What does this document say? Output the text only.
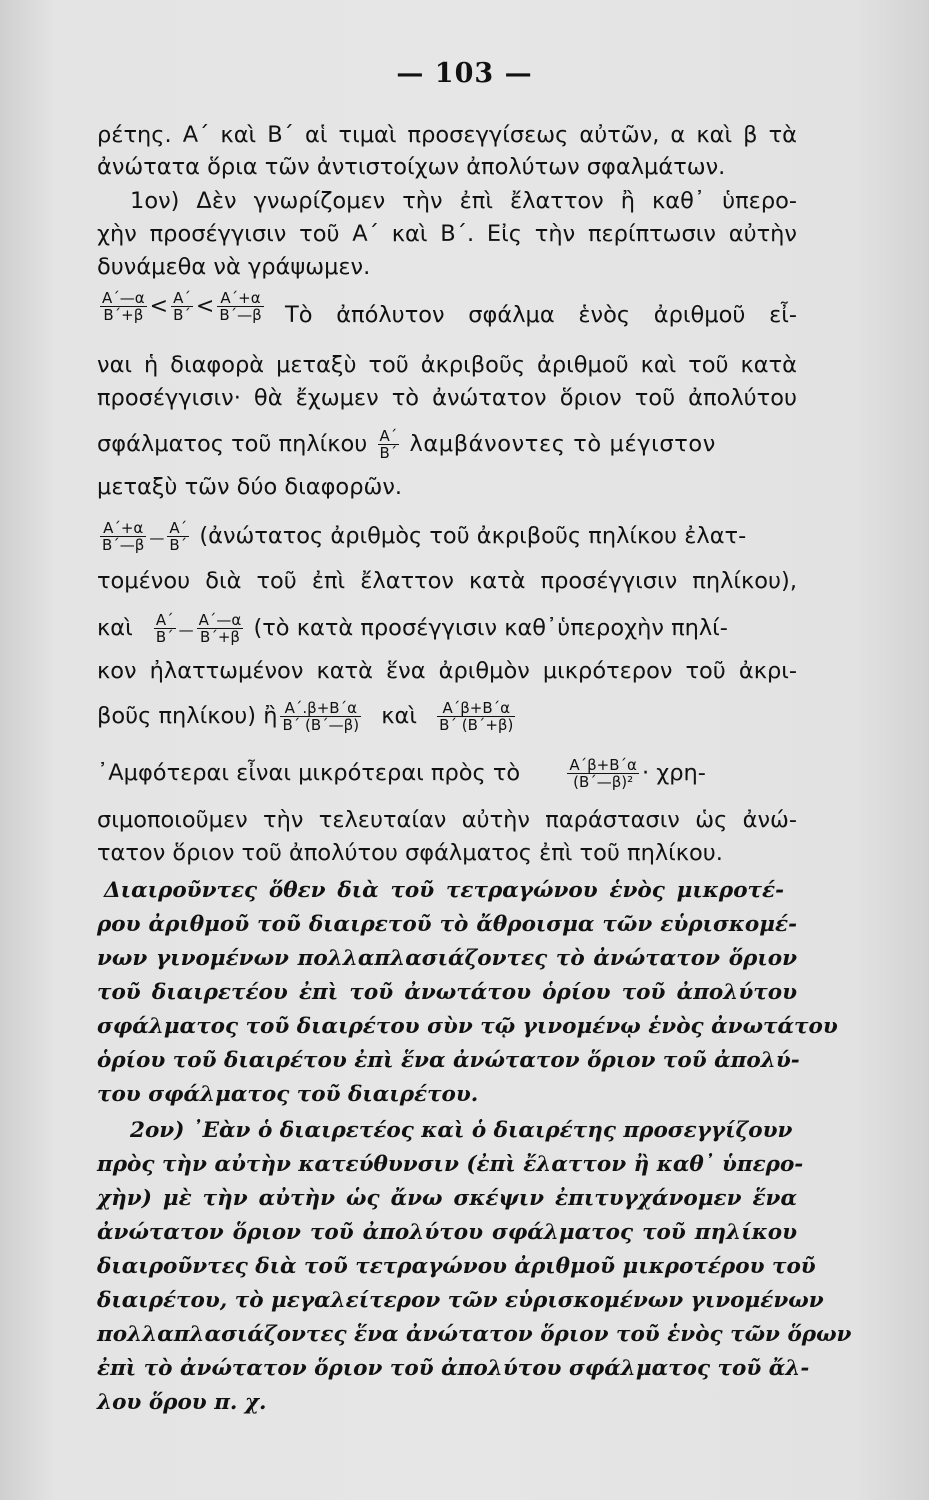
— 103 —
ρέτης. Α΄ καὶ Β΄ αἱ τιμαὶ προσεγγίσεως αὐτῶν, α καὶ β τὰ
ἀνώτατα ὅρια τῶν ἀντιστοίχων ἀπολύτων σφαλμάτων.
1ον) Δὲν γνωρίζομεν τὴν ἐπὶ ἔλαττον ἢ καθ᾽ ὑπερο-
χὴν προσέγγισιν τοῦ Α΄ καὶ Β΄. Εἰς τὴν περίπτωσιν αὐτὴν
δυνάμεθα νὰ γράψωμεν.
$\frac{A΄—\alpha}{B΄+\beta} < \frac{A΄}{B΄} < \frac{A΄+\alpha}{B΄—\beta}$ Τὸ ἀπόλυτον σφάλμα ἑνὸς ἀριθμοῦ εἶ-
ναι ἡ διαφορὰ μεταξὺ τοῦ ἀκριβοῦς ἀριθμοῦ καὶ τοῦ κατὰ
προσέγγισιν· θὰ ἔχωμεν τὸ ἀνώτατον ὅριον τοῦ ἀπολύτου
σφάλματος τοῦ πηλίκου $\frac{A΄}{B΄}$ λαμβάνοντες τὸ μέγιστον
μεταξὺ τῶν δύο διαφορῶν.
$\frac{A΄+\alpha}{B΄—\beta}$ — $\frac{A΄}{B΄}$ (ἀνώτατος ἀριθμὸς τοῦ ἀκριβοῦς πηλίκου ἐλατ-
τομένου διὰ τοῦ ἐπὶ ἔλαττον κατὰ προσέγγισιν πηλίκου),
καὶ $\frac{A΄}{B΄}$ — $\frac{A΄—\alpha}{B΄+\beta}$ (τὸ κατὰ προσέγγισιν καθ᾽ὑπεροχὴν πηλί-
κον ἠλαττωμένον κατὰ ἕνα ἀριθμὸν μικρότερον τοῦ ἀκρι-
βοῦς πηλίκου) ἢ $\frac{A΄.\beta+B΄\alpha}{B΄ (B΄—\beta)}$ καὶ $\frac{A΄\beta+B΄\alpha}{B΄ (B΄+\beta)}$
᾽Αμφότεραι εἶναι μικρότεραι πρὸς τὸ	$\frac{A΄\beta+B΄\alpha}{\text{(Β΄—β)²}} \cdot \chi\rho\eta-$
σιμοποιοῦμεν τὴν τελευταίαν αὐτὴν παράστασιν ὡς ἀνώ-
τατον ὅριον τοῦ ἀπολύτου σφάλματος ἐπὶ τοῦ πηλίκου.
Διαιροῦντες ὅθεν διὰ τοῦ τετραγώνου ἑνὸς μικροτέ-
ρου ἀριθμοῦ τοῦ διαιρετοῦ τὸ ἄθροισμα τῶν εὑρισκομέ-
νων γινομένων πολλαπλασιάζοντες τὸ ἀνώτατον ὅριον
τοῦ διαιρετέου ἐπὶ τοῦ ἀνωτάτου ὁρίου τοῦ ἀπολύτου
σφάλματος τοῦ διαιρέτου σὺν τῷ γινομένῳ ἑνὸς ἀνωτάτου
ὁρίου τοῦ διαιρέτου ἐπὶ ἕνα ἀνώτατον ὅριον τοῦ ἀπολύ-
του σφάλματος τοῦ διαιρέτου.
2ον) ᾽Εὰν ὁ διαιρετέος καὶ ὁ διαιρέτης προσεγγίζουν
πρὸς τὴν αὐτὴν κατεύθυνσιν (ἐπὶ ἔλαττον ἢ καθ᾽ ὑπερο-
χὴν) μὲ τὴν αὐτὴν ὡς ἄνω σκέψιν ἐπιτυγχάνομεν ἕνα
ἀνώτατον ὅριον τοῦ ἀπολύτου σφάλματος τοῦ πηλίκου
διαιροῦντες διὰ τοῦ τετραγώνου ἀριθμοῦ μικροτέρου τοῦ
διαιρέτου, τὸ μεγαλείτερον τῶν εὑρισκομένων γινομένων
πολλαπλασιάζοντες ἕνα ἀνώτατον ὅριον τοῦ ἑνὸς τῶν ὅρων
ἐπὶ τὸ ἀνώτατον ὅριον τοῦ ἀπολύτου σφάλματος τοῦ ἄλ-
λου ὅρου π. χ.
